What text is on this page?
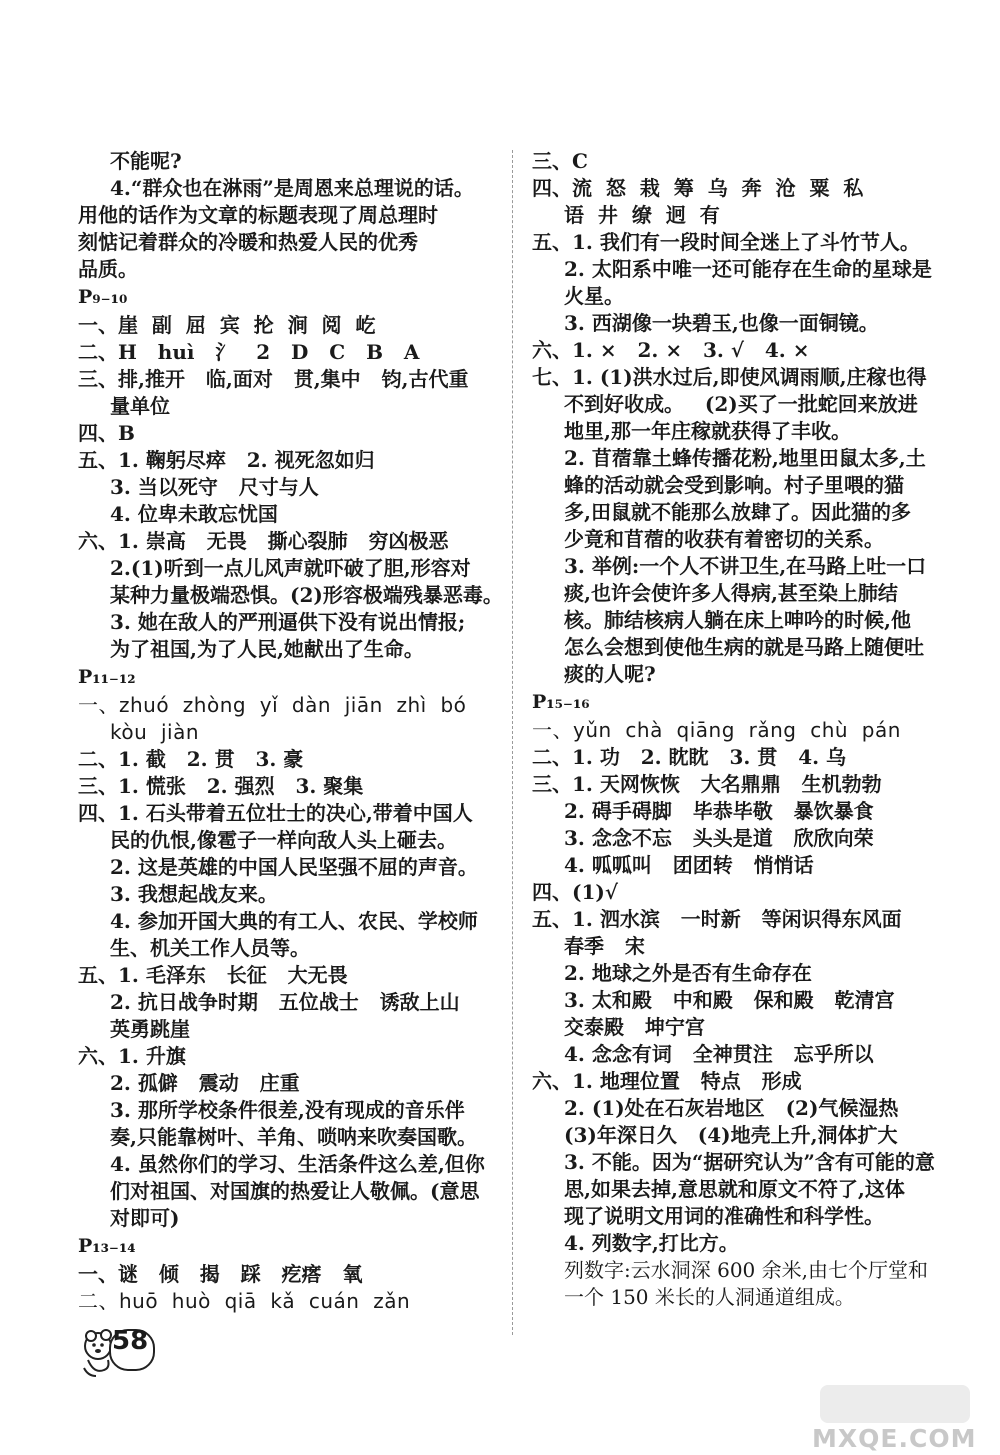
不能呢?
4.“群众也在淋雨”是周恩来总理说的话。
用他的话作为文章的标题表现了周总理时
刻惦记着群众的冷暖和热爱人民的优秀
品质。
P₉₋₁₀
一、崖  副  屈  宾  抡  涧  阅  屹
二、H   huì   氵   2   D   C   B   A
三、排,推开   临,面对   贯,集中   钧,古代重
量单位
四、B
五、1. 鞠躬尽瘁   2. 视死忽如归
3. 当以死守   尺寸与人
4. 位卑未敢忘忧国
六、1. 崇高   无畏   撕心裂肺   穷凶极恶
2.(1)听到一点儿风声就吓破了胆,形容对
某种力量极端恐惧。(2)形容极端残暴恶毒。
3. 她在敌人的严刑逼供下没有说出情报;
为了祖国,为了人民,她献出了生命。
P₁₁₋₁₂
一、zhuó  zhòng  yǐ  dàn  jiān  zhì  bó
kòu  jiàn
二、1. 截   2. 贯   3. 豪
三、1. 慌张   2. 强烈   3. 聚集
四、1. 石头带着五位壮士的决心,带着中国人
民的仇恨,像雹子一样向敌人头上砸去。
2. 这是英雄的中国人民坚强不屈的声音。
3. 我想起战友来。
4. 参加开国大典的有工人、农民、学校师
生、机关工作人员等。
五、1. 毛泽东   长征   大无畏
2. 抗日战争时期   五位战士   诱敌上山
英勇跳崖
六、1. 升旗
2. 孤僻   震动   庄重
3. 那所学校条件很差,没有现成的音乐伴
奏,只能靠树叶、羊角、唢呐来吹奏国歌。
4. 虽然你们的学习、生活条件这么差,但你
们对祖国、对国旗的热爱让人敬佩。(意思
对即可)
P₁₃₋₁₄
一、谜   倾   揭   踩   疙瘩   氧
二、huō  huò  qiā  kǎ  cuán  zǎn
三、C
四、流  怒  栽  筹  乌  奔  沧  粟  私
语  井  缭  迥  有
五、1. 我们有一段时间全迷上了斗竹节人。
2. 太阳系中唯一还可能存在生命的星球是
火星。
3. 西湖像一块碧玉,也像一面铜镜。
六、1. ×   2. ×   3. √   4. ×
七、1. (1)洪水过后,即使风调雨顺,庄稼也得
不到好收成。   (2)买了一批蛇回来放进
地里,那一年庄稼就获得了丰收。
2. 苜蓿靠土蜂传播花粉,地里田鼠太多,土
蜂的活动就会受到影响。村子里喂的猫
多,田鼠就不能那么放肆了。因此猫的多
少竟和苜蓿的收获有着密切的关系。
3. 举例:一个人不讲卫生,在马路上吐一口
痰,也许会使许多人得病,甚至染上肺结
核。肺结核病人躺在床上呻吟的时候,他
怎么会想到使他生病的就是马路上随便吐
痰的人呢?
P₁₅₋₁₆
一、yǔn  chà  qiāng  rǎng  chù  pán
二、1. 功   2. 眈眈   3. 贯   4. 乌
三、1. 天网恢恢   大名鼎鼎   生机勃勃
2. 碍手碍脚   毕恭毕敬   暴饮暴食
3. 念念不忘   头头是道   欣欣向荣
4. 呱呱叫   团团转   悄悄话
四、(1)√
五、1. 泗水滨   一时新   等闲识得东风面
春季   宋
2. 地球之外是否有生命存在
3. 太和殿   中和殿   保和殿   乾清宫
交泰殿   坤宁宫
4. 念念有词   全神贯注   忘乎所以
六、1. 地理位置   特点   形成
2. (1)处在石灰岩地区   (2)气候湿热
(3)年深日久   (4)地壳上升,洞体扩大
3. 不能。因为“据研究认为”含有可能的意
思,如果去掉,意思就和原文不符了,这体
现了说明文用词的准确性和科学性。
4. 列数字,打比方。
列数字:云水洞深 600 余米,由七个厅堂和
一个 150 米长的人洞通道组成。
58
MXQE.COM
